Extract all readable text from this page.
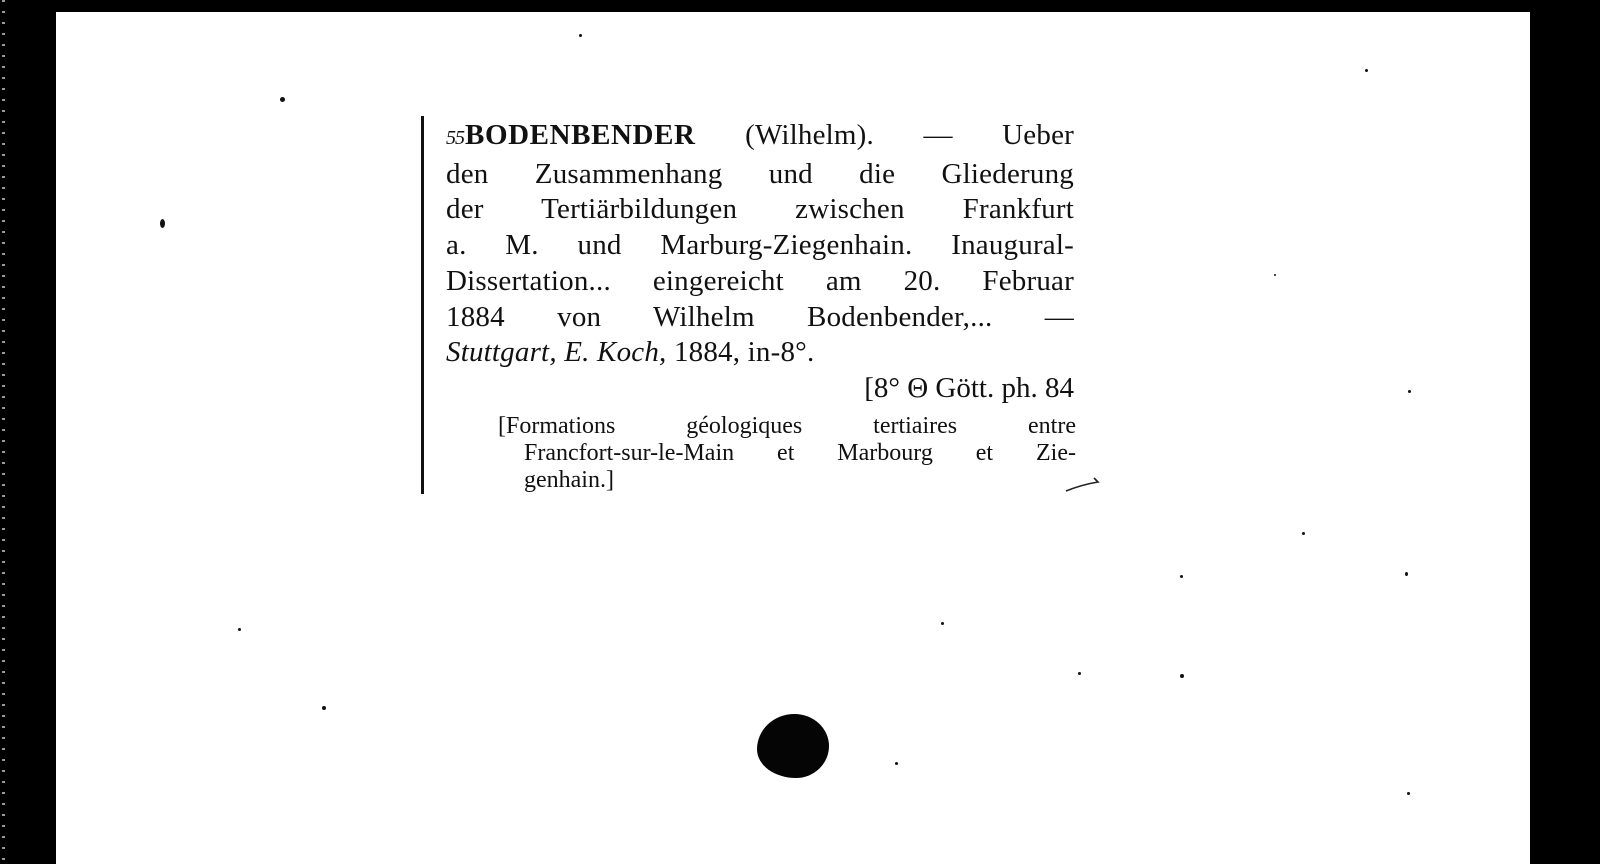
55BODENBENDER (Wilhelm). — Ueber

den Zusammenhang und die Gliederung

der Tertiärbildungen zwischen Frankfurt

a. M. und Marburg-Ziegenhain. Inaugural-

Dissertation... eingereicht am 20. Februar

1884 von Wilhelm Bodenbender,... —

Stuttgart, E. Koch, 1884, in-8°.

[8° Θ Gött. ph. 84
[Formations géologiques tertiaires entre
Francfort-sur-le-Main et Marbourg et Zie-
genhain.]
